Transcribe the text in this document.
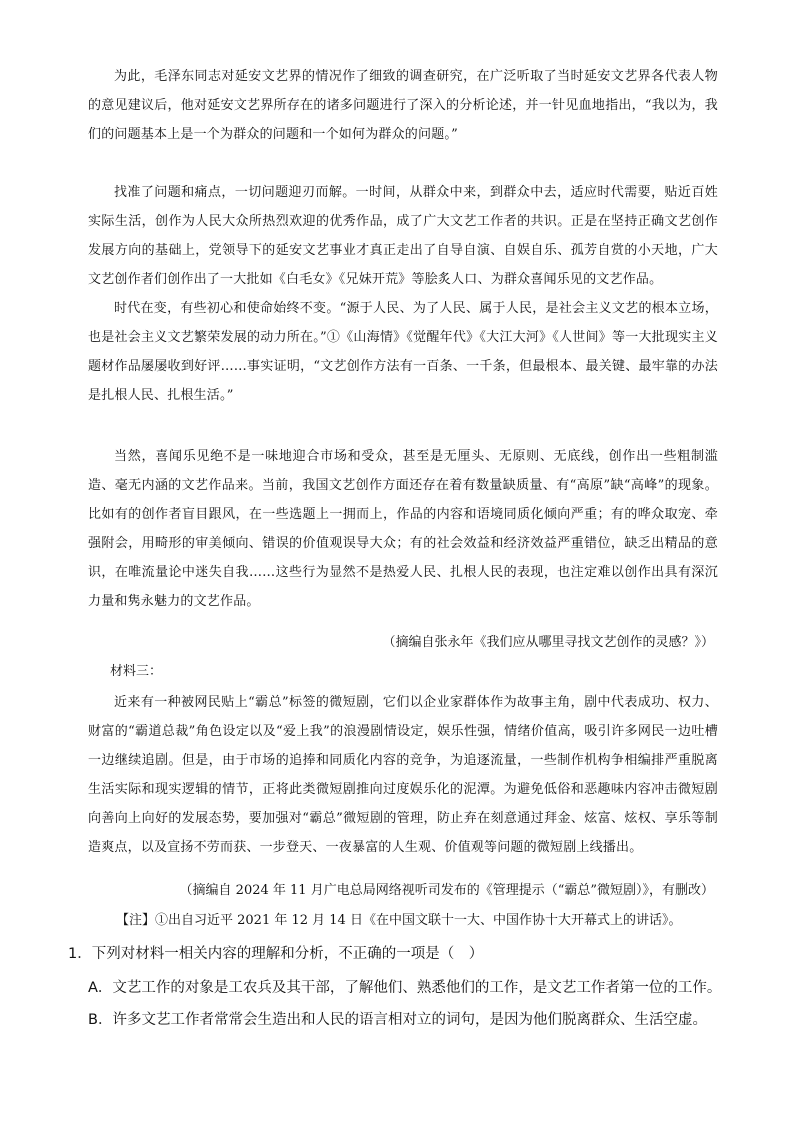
为此，毛泽东同志对延安文艺界的情况作了细致的调查研究，在广泛听取了当时延安文艺界各代表人物的意见建议后，他对延安文艺界所存在的诸多问题进行了深入的分析论述，并一针见血地指出，“我以为，我们的问题基本上是一个为群众的问题和一个如何为群众的问题。”

找准了问题和痛点，一切问题迎刃而解。一时间，从群众中来，到群众中去，适应时代需要，贴近百姓实际生活，创作为人民大众所热烈欢迎的优秀作品，成了广大文艺工作者的共识。正是在坚持正确文艺创作发展方向的基础上，党领导下的延安文艺事业才真正走出了自导自演、自娱自乐、孤芳自赏的小天地，广大文艺创作者们创作出了一大批如《白毛女》《兄妹开荒》等脍炙人口、为群众喜闻乐见的文艺作品。

时代在变，有些初心和使命始终不变。“源于人民、为了人民、属于人民，是社会主义文艺的根本立场，也是社会主义文艺繁荣发展的动力所在。”①《山海情》《觉醒年代》《大江大河》《人世间》等一大批现实主义题材作品屡屡收到好评……事实证明，“文艺创作方法有一百条、一千条，但最根本、最关键、最牢靠的办法是扎根人民、扎根生活。”

当然，喜闻乐见绝不是一味地迎合市场和受众，甚至是无厘头、无原则、无底线，创作出一些粗制滥造、毫无内涵的文艺作品来。当前，我国文艺创作方面还存在着有数量缺质量、有“高原”缺“高峰”的现象。比如有的创作者盲目跟风，在一些选题上一拥而上，作品的内容和语境同质化倾向严重；有的哗众取宠、牵强附会，用畸形的审美倾向、错误的价值观误导大众；有的社会效益和经济效益严重错位，缺乏出精品的意识，在唯流量论中迷失自我……这些行为显然不是热爱人民、扎根人民的表现，也注定难以创作出具有深沉力量和隽永魅力的文艺作品。

（摘编自张永年《我们应从哪里寻找文艺创作的灵感？》）
材料三：

近来有一种被网民贴上“霸总”标签的微短剧，它们以企业家群体作为故事主角，剧中代表成功、权力、财富的“霸道总裁”角色设定以及“爱上我”的浪漫剧情设定，娱乐性强，情绪价值高，吸引许多网民一边吐槽一边继续追剧。但是，由于市场的追捧和同质化内容的竞争，为追逐流量，一些制作机构争相编排严重脱离生活实际和现实逻辑的情节，正将此类微短剧推向过度娱乐化的泥潭。为避免低俗和恶趣味内容冲击微短剧向善向上向好的发展态势，要加强对“霸总”微短剧的管理，防止弃在刻意通过拜金、炫富、炫权、享乐等制造爽点，以及宣扬不劳而获、一步登天、一夜暴富的人生观、价值观等问题的微短剧上线播出。

（摘编自 2024 年 11 月广电总局网络视听司发布的《管理提示（“霸总”微短剧）》，有删改）
【注】①出自习近平 2021 年 12 月 14 日《在中国文联十一大、中国作协十大开幕式上的讲话》。
1．下列对材料一相关内容的理解和分析，不正确的一项是（　）
A．文艺工作的对象是工农兵及其干部，了解他们、熟悉他们的工作，是文艺工作者第一位的工作。
B．许多文艺工作者常常会生造出和人民的语言相对立的词句，是因为他们脱离群众、生活空虚。
